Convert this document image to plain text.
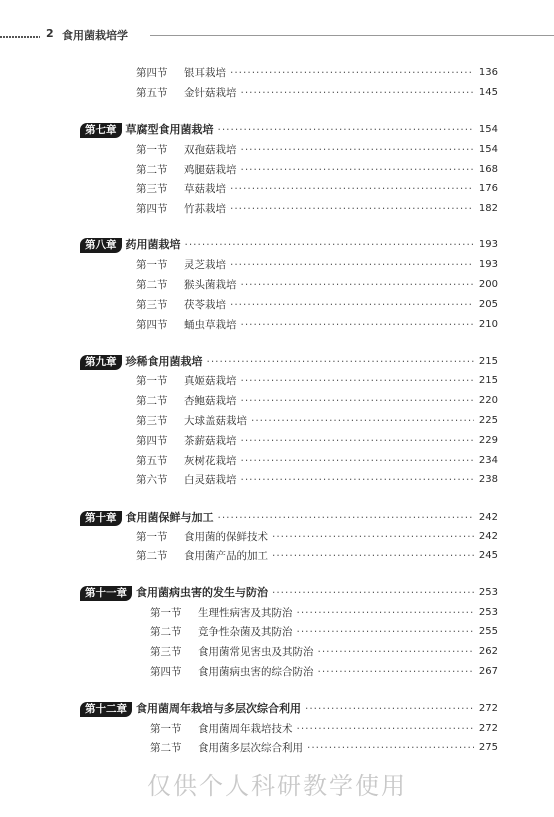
2 食用菌栽培学
第四节 银耳栽培 ·····	136
第五节 金针菇栽培 ·····	145
第七章 草腐型食用菌栽培 ·····	154
第一节 双孢菇栽培 ·····	154
第二节 鸡腿菇栽培 ·····	168
第三节 草菇栽培 ·····	176
第四节 竹荪栽培 ·····	182
第八章 药用菌栽培 ·····	193
第一节 灵芝栽培 ·····	193
第二节 猴头菌栽培 ·····	200
第三节 茯苓栽培 ·····	205
第四节 蛹虫草栽培 ·····	210
第九章 珍稀食用菌栽培 ·····	215
第一节 真姬菇栽培 ·····	215
第二节 杏鲍菇栽培 ·····	220
第三节 大球盖菇栽培 ·····	225
第四节 茶薪菇栽培 ·····	229
第五节 灰树花栽培 ·····	234
第六节 白灵菇栽培 ·····	238
第十章 食用菌保鲜与加工 ·····	242
第一节 食用菌的保鲜技术 ·····	242
第二节 食用菌产品的加工 ·····	245
第十一章 食用菌病虫害的发生与防治 ·····	253
第一节 生理性病害及其防治 ·····	253
第二节 竞争性杂菌及其防治 ·····	255
第三节 食用菌常见害虫及其防治 ·····	262
第四节 食用菌病虫害的综合防治 ·····	267
第十二章 食用菌周年栽培与多层次综合利用 ·····	272
第一节 食用菌周年栽培技术 ·····	272
第二节 食用菌多层次综合利用 ·····	275
仅供个人科研教学使用
